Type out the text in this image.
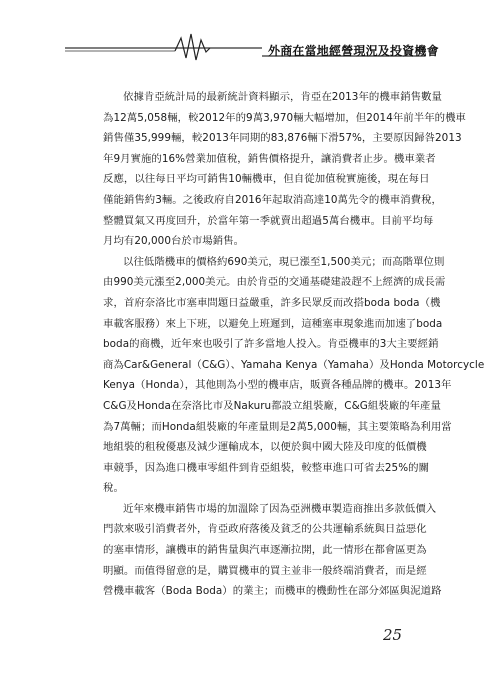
外商在當地經營現況及投資機會
依據肯亞統計局的最新統計資料顯示，肯亞在2013年的機車銷售數量
為12萬5,058輛，較2012年的9萬3,970輛大幅增加，但2014年前半年的機車
銷售僅35,999輛，較2013年同期的83,876輛下滑57%，主要原因歸咎2013
年9月實施的16%營業加值稅，銷售價格提升，讓消費者止步。機車業者
反應，以往每日平均可銷售10輛機車，但自從加值稅實施後，現在每日
僅能銷售約3輛。之後政府自2016年起取消高達10萬先令的機車消費稅，
整體買氣又再度回升，於當年第一季就賣出超過5萬台機車。目前平均每
月均有20,000台於市場銷售。
以往低階機車的價格約690美元，現已漲至1,500美元；而高階單位則
由990美元漲至2,000美元。由於肯亞的交通基礎建設趕不上經濟的成長需
求，首府奈洛比市塞車問題日益嚴重，許多民眾反而改搭boda boda（機
車載客服務）來上下班，以避免上班遲到，這種塞車現象進而加速了boda
boda的商機，近年來也吸引了許多當地人投入。肯亞機車的3大主要經銷
商為Car&General（C&G）、Yamaha Kenya（Yamaha）及Honda Motorcycle
Kenya（Honda），其他則為小型的機車店，販賣各種品牌的機車。2013年
C&G及Honda在奈洛比市及Nakuru都設立組裝廠，C&G組裝廠的年產量
為7萬輛；而Honda組裝廠的年產量則是2萬5,000輛，其主要策略為利用當
地組裝的租稅優惠及減少運輸成本，以便於與中國大陸及印度的低價機
車競爭，因為進口機車零組件到肯亞組裝，較整車進口可省去25%的關
稅。
近年來機車銷售市場的加溫除了因為亞洲機車製造商推出多款低價入
門款來吸引消費者外，肯亞政府落後及貧乏的公共運輸系統與日益惡化
的塞車情形，讓機車的銷售量與汽車逐漸拉開，此一情形在都會區更為
明顯。而值得留意的是，購買機車的買主並非一般終端消費者，而是經
營機車載客（Boda Boda）的業主；而機車的機動性在部分郊區與泥道路
25
